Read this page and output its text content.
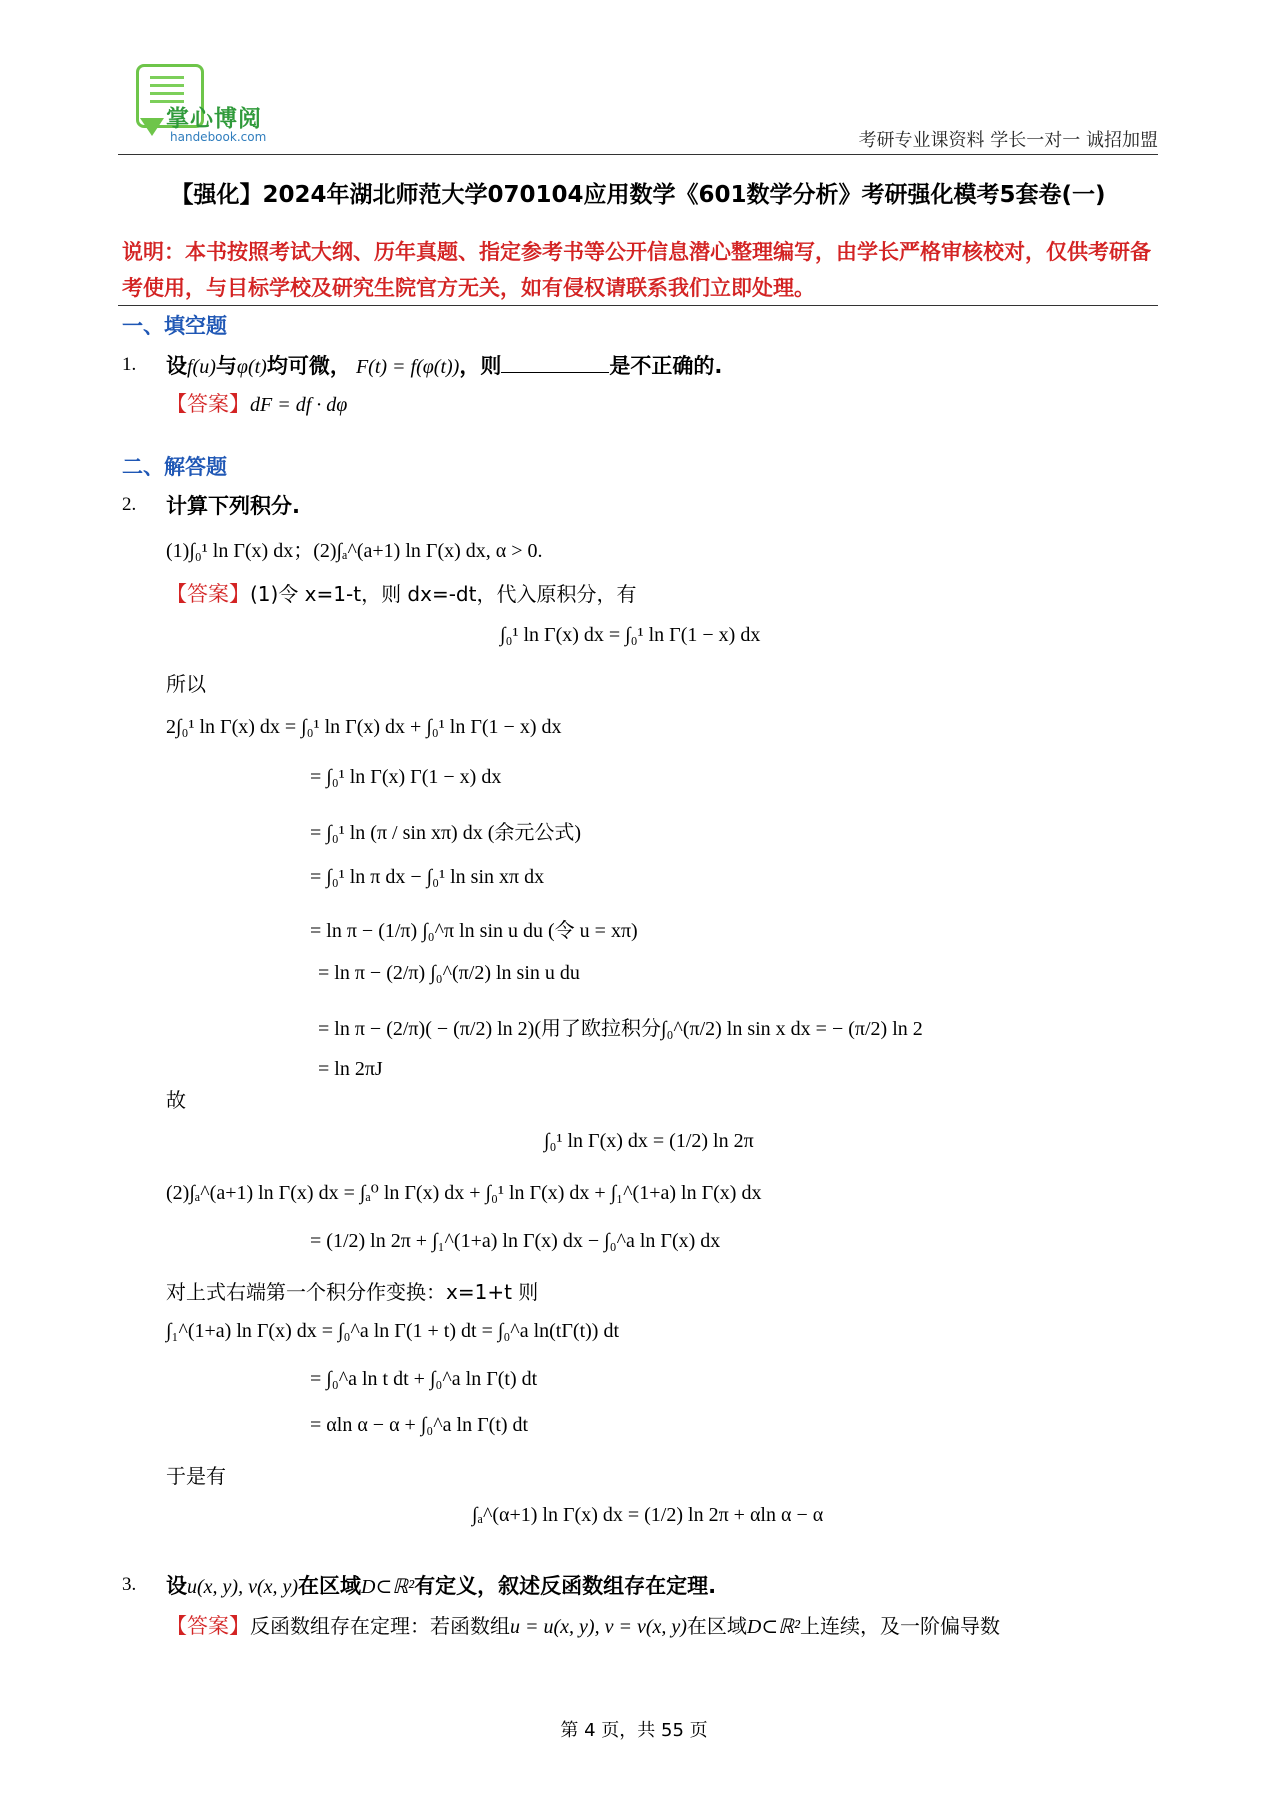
掌心博阅
handebook.com	考研专业课资料 学长一对一 诚招加盟
【强化】2024年湖北师范大学070104应用数学《601数学分析》考研强化模考5套卷(一)
说明：本书按照考试大纲、历年真题、指定参考书等公开信息潜心整理编写，由学长严格审核校对，仅供考研备考使用，与目标学校及研究生院官方无关，如有侵权请联系我们立即处理。
一、填空题
1. 设f(u)与φ(t)均可微， F(t) = f(φ(t))，则	是不正确的.
【答案】dF = df · dφ
二、解答题
2. 计算下列积分.
(1)∫₀¹ ln Γ(x) dx；(2)∫ₐ^(a+1) ln Γ(x) dx, α > 0.
【答案】(1)令 x=1-t，则 dx=-dt，代入原积分，有
∫₀¹ ln Γ(x) dx = ∫₀¹ ln Γ(1 − x) dx
所以
2∫₀¹ ln Γ(x) dx = ∫₀¹ ln Γ(x) dx + ∫₀¹ ln Γ(1 − x) dx
= ∫₀¹ ln Γ(x) Γ(1 − x) dx
= ∫₀¹ ln (π / sin xπ) dx (余元公式)
= ∫₀¹ ln π dx − ∫₀¹ ln sin xπ dx
= ln π − (1/π) ∫₀^π ln sin u du (令 u = xπ)
= ln π − (2/π) ∫₀^(π/2) ln sin u du
= ln π − (2/π)( − (π/2) ln 2)(用了欧拉积分∫₀^(π/2) ln sin x dx = − (π/2) ln 2
= ln 2πJ
故
∫₀¹ ln Γ(x) dx = (1/2) ln 2π
(2)∫ₐ^(a+1) ln Γ(x) dx = ∫ₐ⁰ ln Γ(x) dx + ∫₀¹ ln Γ(x) dx + ∫₁^(1+a) ln Γ(x) dx
= (1/2) ln 2π + ∫₁^(1+a) ln Γ(x) dx − ∫₀^a ln Γ(x) dx
对上式右端第一个积分作变换：x=1+t 则
∫₁^(1+a) ln Γ(x) dx = ∫₀^a ln Γ(1 + t) dt = ∫₀^a ln(tΓ(t)) dt
= ∫₀^a ln t dt + ∫₀^a ln Γ(t) dt
= αln α − α + ∫₀^a ln Γ(t) dt
于是有
∫ₐ^(α+1) ln Γ(x) dx = (1/2) ln 2π + αln α − α
3. 设u(x, y), v(x, y)在区域D⊂ℝ²有定义，叙述反函数组存在定理.
【答案】反函数组存在定理：若函数组u = u(x, y), v = v(x, y)在区域D⊂ℝ²上连续，及一阶偏导数
第 4 页，共 55 页
